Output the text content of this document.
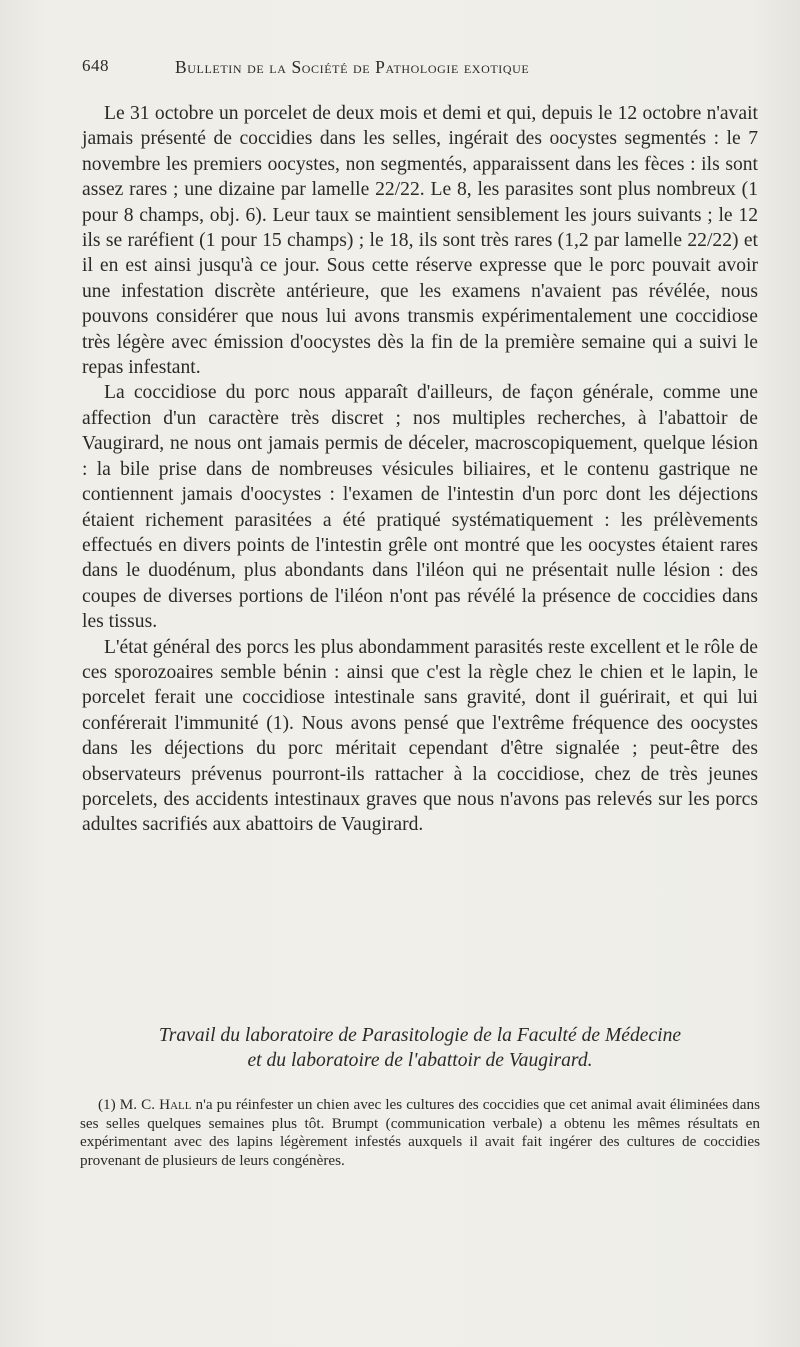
648	Bulletin de la Société de Pathologie exotique

Le 31 octobre un porcelet de deux mois et demi et qui, depuis le 12 octobre n'avait jamais présenté de coccidies dans les selles, ingérait des oocystes segmentés : le 7 novembre les premiers oocystes, non segmentés, apparaissent dans les fèces : ils sont assez rares ; une dizaine par lamelle 22/22. Le 8, les parasites sont plus nombreux (1 pour 8 champs, obj. 6). Leur taux se maintient sensiblement les jours suivants ; le 12 ils se raréfient (1 pour 15 champs) ; le 18, ils sont très rares (1,2 par lamelle 22/22) et il en est ainsi jusqu'à ce jour. Sous cette réserve expresse que le porc pouvait avoir une infestation discrète antérieure, que les examens n'avaient pas révélée, nous pouvons considérer que nous lui avons transmis expérimentalement une coccidiose très légère avec émission d'oocystes dès la fin de la première semaine qui a suivi le repas infestant.

La coccidiose du porc nous apparaît d'ailleurs, de façon générale, comme une affection d'un caractère très discret ; nos multiples recherches, à l'abattoir de Vaugirard, ne nous ont jamais permis de déceler, macroscopiquement, quelque lésion : la bile prise dans de nombreuses vésicules biliaires, et le contenu gastrique ne contiennent jamais d'oocystes : l'examen de l'intestin d'un porc dont les déjections étaient richement parasitées a été pratiqué systématiquement : les prélèvements effectués en divers points de l'intestin grêle ont montré que les oocystes étaient rares dans le duodénum, plus abondants dans l'iléon qui ne présentait nulle lésion : des coupes de diverses portions de l'iléon n'ont pas révélé la présence de coccidies dans les tissus.

L'état général des porcs les plus abondamment parasités reste excellent et le rôle de ces sporozoaires semble bénin : ainsi que c'est la règle chez le chien et le lapin, le porcelet ferait une coccidiose intestinale sans gravité, dont il guérirait, et qui lui conférerait l'immunité (1). Nous avons pensé que l'extrême fréquence des oocystes dans les déjections du porc méritait cependant d'être signalée ; peut-être des observateurs prévenus pourront-ils rattacher à la coccidiose, chez de très jeunes porcelets, des accidents intestinaux graves que nous n'avons pas relevés sur les porcs adultes sacrifiés aux abattoirs de Vaugirard.

Travail du laboratoire de Parasitologie de la Faculté de Médecine
et du laboratoire de l'abattoir de Vaugirard.

(1) M. C. Hall n'a pu réinfester un chien avec les cultures des coccidies que cet animal avait éliminées dans ses selles quelques semaines plus tôt. Brumpt (communication verbale) a obtenu les mêmes résultats en expérimentant avec des lapins légèrement infestés auxquels il avait fait ingérer des cultures de coccidies provenant de plusieurs de leurs congénères.
